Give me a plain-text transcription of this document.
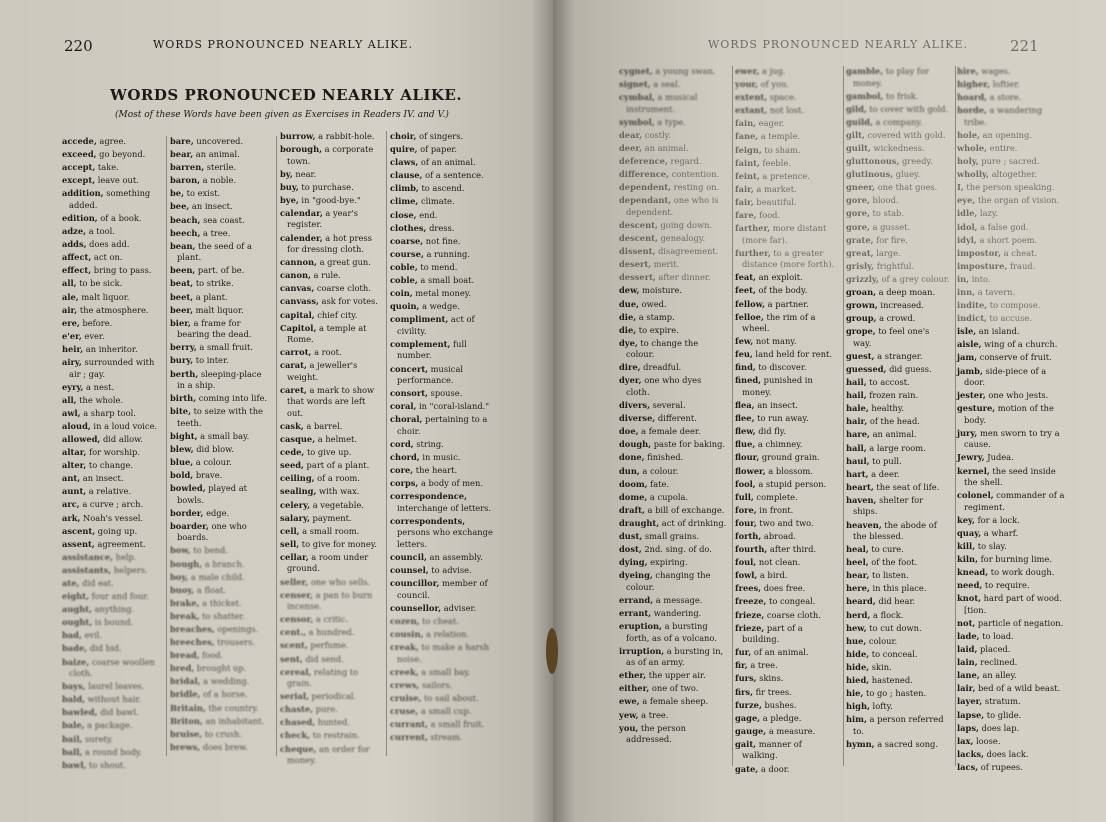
220	WORDS PRONOUNCED NEARLY ALIKE.
WORDS PRONOUNCED NEARLY ALIKE.
(Most of these Words have been given as Exercises in Readers IV. and V.)
accede, agree.
exceed, go beyond.
accept, take.
except, leave out.
addition, something added.
edition, of a book.
adze, a tool.
adds, does add.
affect, act on.
effect, bring to pass.
all, to be sick.
ale, malt liquor.
air, the atmosphere.
ere, before.
e'er, ever.
heir, an inheritor.
airy, surrounded with air ; gay.
eyry, a nest.
all, the whole.
awl, a sharp tool.
aloud, in a loud voice.
allowed, did allow.
altar, for worship.
alter, to change.
ant, an insect.
aunt, a relative.
arc, a curve ; arch.
ark, Noah's vessel.
ascent, going up.
assent, agreement.
assistance, help.
assistants, helpers.
ate, did eat.
eight, four and four.
aught, anything.
ought, is bound.
bad, evil.
bade, did bid.
baize, coarse woollen cloth.
bays, laurel leaves.
bald, without hair.
bawled, did bawl.
bale, a package.
bail, surety.
ball, a round body.
bawl, to shout.
bare, uncovered.
bear, an animal.
barren, sterile.
baron, a noble.
be, to exist.
bee, an insect.
beach, sea coast.
beech, a tree.
bean, the seed of a plant.
been, part. of be.
beat, to strike.
beet, a plant.
beer, malt liquor.
bier, a frame for bearing the dead.
berry, a small fruit.
bury, to inter.
berth, sleeping-place in a ship.
birth, coming into life.
bite, to seize with the teeth.
bight, a small bay.
blew, did blow.
blue, a colour.
bold, brave.
bowled, played at bowls.
border, edge.
boarder, one who boards.
bow, to bend.
bough, a branch.
boy, a male child.
buoy, a float.
brake, a thicket.
break, to shatter.
breaches, openings.
breeches, trousers.
bread, food.
bred, brought up.
bridal, a wedding.
bridle, of a horse.
Britain, the country.
Briton, an inhabitant.
bruise, to crush.
brews, does brew.
burrow, a rabbit-hole.
borough, a corporate town.
by, near.
buy, to purchase.
bye, in "good-bye."
calendar, a year's register.
calender, a hot press for dressing cloth.
cannon, a great gun.
canon, a rule.
canvas, coarse cloth.
canvass, ask for votes.
capital, chief city.
Capitol, a temple at Rome.
carrot, a root.
carat, a jeweller's weight.
caret, a mark to show that words are left out.
cask, a barrel.
casque, a helmet.
cede, to give up.
seed, part of a plant.
ceiling, of a room.
sealing, with wax.
celery, a vegetable.
salary, payment.
cell, a small room.
sell, to give for money.
cellar, a room under ground.
seller, one who sells.
censer, a pan to burn incense.
censor, a critic.
cent., a hundred.
scent, perfume.
sent, did send.
cereal, relating to grain.
serial, periodical.
chaste, pure.
chased, hunted.
check, to restrain.
cheque, an order for money.
choir, of singers.
quire, of paper.
claws, of an animal.
clause, of a sentence.
climb, to ascend.
clime, climate.
close, end.
clothes, dress.
coarse, not fine.
course, a running.
coble, to mend.
coble, a small boat.
coin, metal money.
quoin, a wedge.
compliment, act of civility.
complement, full number.
concert, musical performance.
consort, spouse.
coral, in "coral-island."
choral, pertaining to a choir.
cord, string.
chord, in music.
core, the heart.
corps, a body of men.
correspondence, interchange of letters.
correspondents, persons who exchange letters.
council, an assembly.
counsel, to advise.
councillor, member of council.
counsellor, adviser.
cozen, to cheat.
cousin, a relation.
creak, to make a harsh noise.
creek, a small bay.
crews, sailors.
cruise, to sail about.
cruse, a small cup.
currant, a small fruit.
current, stream.
WORDS PRONOUNCED NEARLY ALIKE.	221
cygnet, a young swan.
signet, a seal.
cymbal, a musical instrument.
symbol, a type.
dear, costly.
deer, an animal.
deference, regard.
difference, contention.
dependent, resting on.
dependant, one who is dependent.
descent, going down.
descent, genealogy.
dissent, disagreement.
desert, merit.
dessert, after dinner.
dew, moisture.
due, owed.
die, a stamp.
die, to expire.
dye, to change the colour.
dire, dreadful.
dyer, one who dyes cloth.
divers, several.
diverse, different.
doe, a female deer.
dough, paste for baking.
done, finished.
dun, a colour.
doom, fate.
dome, a cupola.
draft, a bill of exchange.
draught, act of drinking.
dust, small grains.
dost, 2nd. sing. of do.
dying, expiring.
dyeing, changing the colour.
errand, a message.
errant, wandering.
eruption, a bursting forth, as of a volcano.
irruption, a bursting in, as of an army.
ether, the upper air.
either, one of two.
ewe, a female sheep.
yew, a tree.
you, the person addressed.
ewer, a jug.
your, of you.
extent, space.
extant, not lost.
fain, eager.
fane, a temple.
feign, to sham.
faint, feeble.
feint, a pretence.
fair, a market.
fair, beautiful.
fare, food.
farther, more distant (more far).
further, to a greater distance (more forth).
feat, an exploit.
feet, of the body.
fellow, a partner.
felloe, the rim of a wheel.
few, not many.
feu, land held for rent.
find, to discover.
fined, punished in money.
flea, an insect.
flee, to run away.
flew, did fly.
flue, a chimney.
flour, ground grain.
flower, a blossom.
fool, a stupid person.
full, complete.
fore, in front.
four, two and two.
forth, abroad.
fourth, after third.
foul, not clean.
fowl, a bird.
frees, does free.
freeze, to congeal.
frieze, coarse cloth.
frieze, part of a building.
fur, of an animal.
fir, a tree.
furs, skins.
firs, fir trees.
furze, bushes.
gage, a pledge.
gauge, a measure.
gait, manner of walking.
gate, a door.
gamble, to play for money.
gambol, to frisk.
gild, to cover with gold.
guild, a company.
gilt, covered with gold.
guilt, wickedness.
gluttonous, greedy.
glutinous, gluey.
gneer, one that goes.
gore, blood.
gore, to stab.
gore, a gusset.
grate, for fire.
great, large.
grisly, frightful.
grizzly, of a grey colour.
groan, a deep moan.
grown, increased.
group, a crowd.
grope, to feel one's way.
guest, a stranger.
guessed, did guess.
hail, to accost.
hail, frozen rain.
hale, healthy.
hair, of the head.
hare, an animal.
hall, a large room.
haul, to pull.
hart, a deer.
heart, the seat of life.
haven, shelter for ships.
heaven, the abode of the blessed.
heal, to cure.
heel, of the foot.
hear, to listen.
here, in this place.
heard, did hear.
herd, a flock.
hew, to cut down.
hue, colour.
hide, to conceal.
hide, skin.
hied, hastened.
hie, to go ; hasten.
high, lofty.
him, a person referred to.
hymn, a sacred song.
hire, wages.
higher, loftier.
hoard, a store.
horde, a wandering tribe.
hole, an opening.
whole, entire.
holy, pure ; sacred.
wholly, altogether.
I, the person speaking.
eye, the organ of vision.
idle, lazy.
idol, a false god.
idyl, a short poem.
impostor, a cheat.
imposture, fraud.
in, into.
inn, a tavern.
indite, to compose.
indict, to accuse.
isle, an island.
aisle, wing of a church.
jam, conserve of fruit.
jamb, side-piece of a door.
jester, one who jests.
gesture, motion of the body.
jury, men sworn to try a cause.
Jewry, Judea.
kernel, the seed inside the shell.
colonel, commander of a regiment.
key, for a lock.
quay, a wharf.
kill, to slay.
kiln, for burning lime.
knead, to work dough.
need, to require.
knot, hard part of wood. [tion.
not, particle of negation.
lade, to load.
laid, placed.
lain, reclined.
lane, an alley.
lair, bed of a wild beast.
layer, stratum.
lapse, to glide.
laps, does lap.
lax, loose.
lacks, does lack.
lacs, of rupees.
